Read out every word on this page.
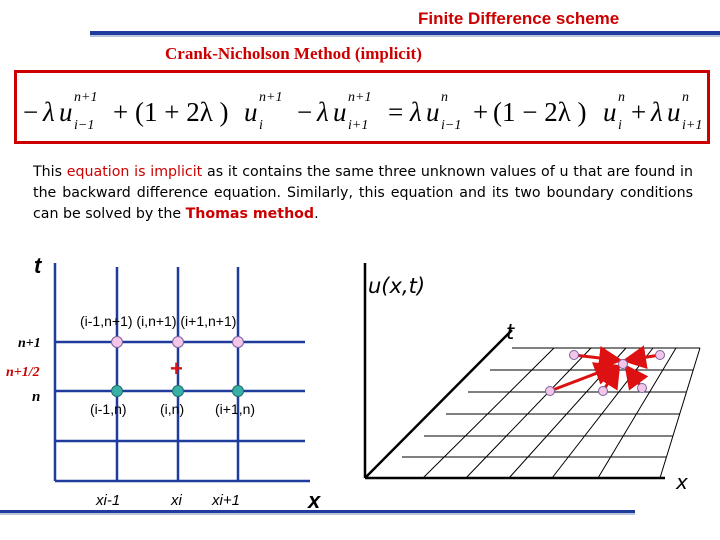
Finite Difference scheme
Crank-Nicholson Method (implicit)
− λ u n+1
i−1 + (1 + 2λ ) u n+1
i − λ u n+1
i+1 = λ u n
i−1 + (1 − 2λ ) u n
i + λ u n
i+1
This equation is implicit as it contains the same three unknown values of u that are found in the backward difference equation. Similarly, this equation and its two boundary conditions can be solved by the Thomas method.
t
n+1
n+1/2
n
(i-1,n+1) (i,n+1) (i+1,n+1)
+
(i-1,n) (i,n) (i+1,n)
xi-1	xi xi+1	x
u(x,t)
t
x
